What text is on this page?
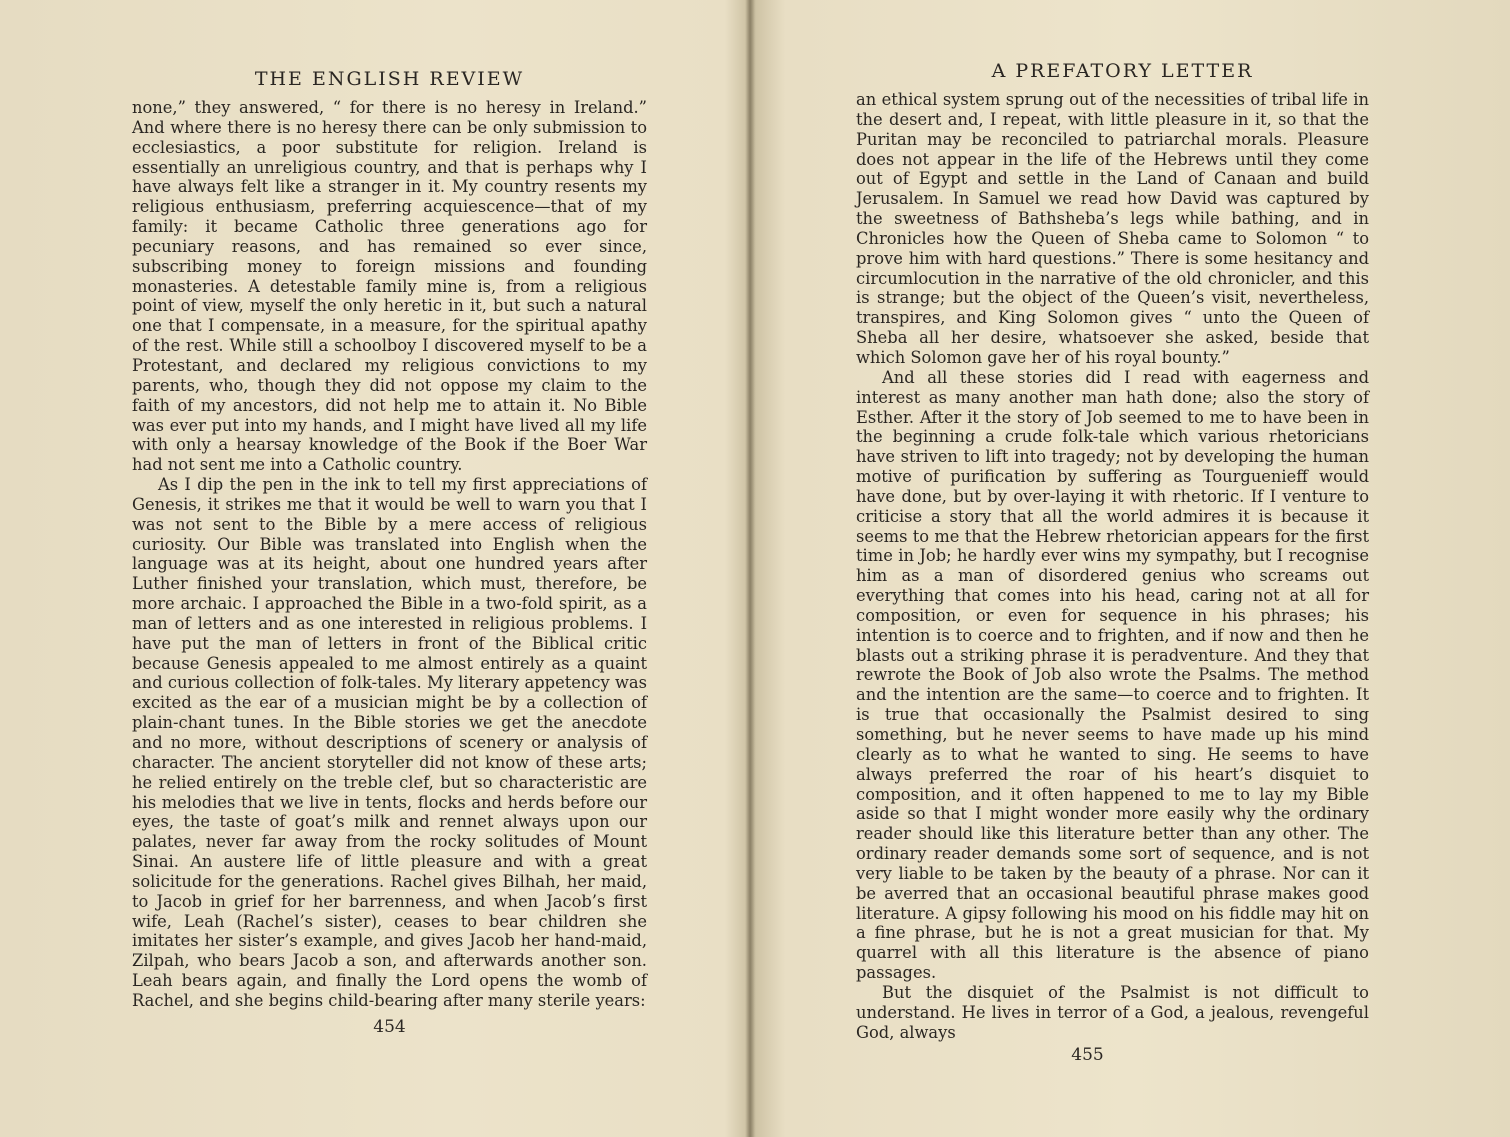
THE ENGLISH REVIEW

none,” they answered, “ for there is no heresy in Ireland.” And where there is no heresy there can be only submission to ecclesiastics, a poor substitute for religion. Ireland is essentially an unreligious country, and that is perhaps why I have always felt like a stranger in it. My country resents my religious enthusiasm, preferring acquiescence—that of my family: it became Catholic three generations ago for pecuniary reasons, and has remained so ever since, subscribing money to foreign missions and founding monasteries. A detestable family mine is, from a religious point of view, myself the only heretic in it, but such a natural one that I compensate, in a measure, for the spiritual apathy of the rest. While still a schoolboy I discovered myself to be a Protestant, and declared my religious convictions to my parents, who, though they did not oppose my claim to the faith of my ancestors, did not help me to attain it. No Bible was ever put into my hands, and I might have lived all my life with only a hearsay knowledge of the Book if the Boer War had not sent me into a Catholic country.

As I dip the pen in the ink to tell my first appreciations of Genesis, it strikes me that it would be well to warn you that I was not sent to the Bible by a mere access of religious curiosity. Our Bible was translated into English when the language was at its height, about one hundred years after Luther finished your translation, which must, therefore, be more archaic. I approached the Bible in a two-fold spirit, as a man of letters and as one interested in religious problems. I have put the man of letters in front of the Biblical critic because Genesis appealed to me almost entirely as a quaint and curious collection of folk-tales. My literary appetency was excited as the ear of a musician might be by a collection of plain-chant tunes. In the Bible stories we get the anecdote and no more, without descriptions of scenery or analysis of character. The ancient storyteller did not know of these arts; he relied entirely on the treble clef, but so characteristic are his melodies that we live in tents, flocks and herds before our eyes, the taste of goat’s milk and rennet always upon our palates, never far away from the rocky solitudes of Mount Sinai. An austere life of little pleasure and with a great solicitude for the generations. Rachel gives Bilhah, her maid, to Jacob in grief for her barrenness, and when Jacob’s first wife, Leah (Rachel’s sister), ceases to bear children she imitates her sister’s example, and gives Jacob her hand-maid, Zilpah, who bears Jacob a son, and afterwards another son. Leah bears again, and finally the Lord opens the womb of Rachel, and she begins child-bearing after many sterile years:

454
A PREFATORY LETTER

an ethical system sprung out of the necessities of tribal life in the desert and, I repeat, with little pleasure in it, so that the Puritan may be reconciled to patriarchal morals. Pleasure does not appear in the life of the Hebrews until they come out of Egypt and settle in the Land of Canaan and build Jerusalem. In Samuel we read how David was captured by the sweetness of Bathsheba’s legs while bathing, and in Chronicles how the Queen of Sheba came to Solomon “ to prove him with hard questions.” There is some hesitancy and circumlocution in the narrative of the old chronicler, and this is strange; but the object of the Queen’s visit, nevertheless, transpires, and King Solomon gives “ unto the Queen of Sheba all her desire, whatsoever she asked, beside that which Solomon gave her of his royal bounty.”

And all these stories did I read with eagerness and interest as many another man hath done; also the story of Esther. After it the story of Job seemed to me to have been in the beginning a crude folk-tale which various rhetoricians have striven to lift into tragedy; not by developing the human motive of purification by suffering as Tourguenieff would have done, but by over-laying it with rhetoric. If I venture to criticise a story that all the world admires it is because it seems to me that the Hebrew rhetorician appears for the first time in Job; he hardly ever wins my sympathy, but I recognise him as a man of disordered genius who screams out everything that comes into his head, caring not at all for composition, or even for sequence in his phrases; his intention is to coerce and to frighten, and if now and then he blasts out a striking phrase it is peradventure. And they that rewrote the Book of Job also wrote the Psalms. The method and the intention are the same—to coerce and to frighten. It is true that occasionally the Psalmist desired to sing something, but he never seems to have made up his mind clearly as to what he wanted to sing. He seems to have always preferred the roar of his heart’s disquiet to composition, and it often happened to me to lay my Bible aside so that I might wonder more easily why the ordinary reader should like this literature better than any other. The ordinary reader demands some sort of sequence, and is not very liable to be taken by the beauty of a phrase. Nor can it be averred that an occasional beautiful phrase makes good literature. A gipsy following his mood on his fiddle may hit on a fine phrase, but he is not a great musician for that. My quarrel with all this literature is the absence of piano passages.

But the disquiet of the Psalmist is not difficult to understand. He lives in terror of a God, a jealous, revengeful God, always

455
